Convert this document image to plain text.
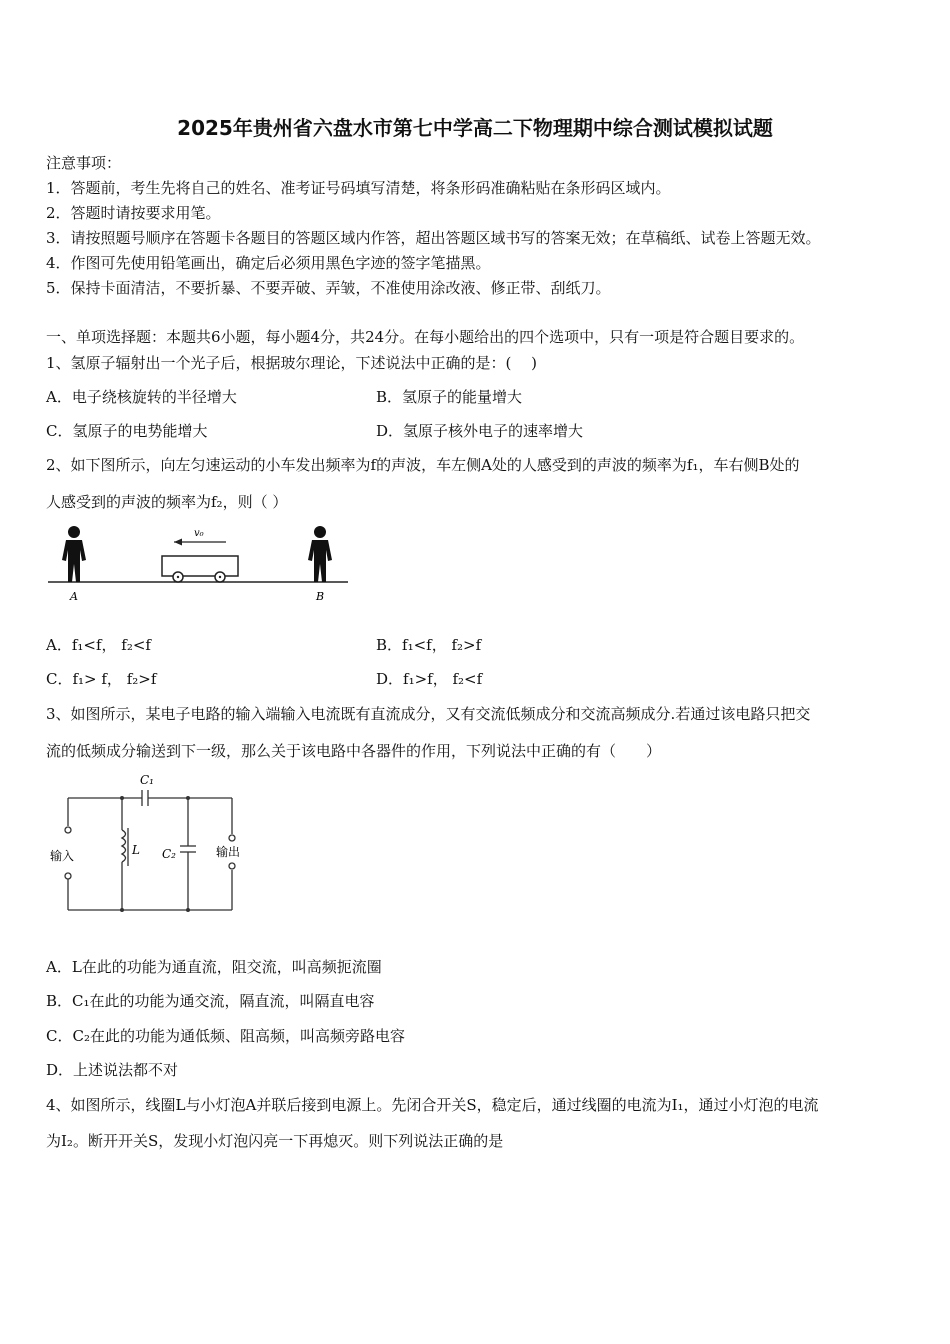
2025年贵州省六盘水市第七中学高二下物理期中综合测试模拟试题
注意事项：
1．答题前，考生先将自己的姓名、准考证号码填写清楚，将条形码准确粘贴在条形码区域内。
2．答题时请按要求用笔。
3．请按照题号顺序在答题卡各题目的答题区域内作答，超出答题区域书写的答案无效；在草稿纸、试卷上答题无效。
4．作图可先使用铅笔画出，确定后必须用黑色字迹的签字笔描黑。
5．保持卡面清洁，不要折暴、不要弄破、弄皱，不准使用涂改液、修正带、刮纸刀。
一、单项选择题：本题共6小题，每小题4分，共24分。在每小题给出的四个选项中，只有一项是符合题目要求的。
1、氢原子辐射出一个光子后，根据玻尔理论，下述说法中正确的是：(　 )
A．电子绕核旋转的半径增大	B．氢原子的能量增大
C．氢原子的电势能增大	D．氢原子核外电子的速率增大
2、如下图所示，向左匀速运动的小车发出频率为f的声波，车左侧A处的人感受到的声波的频率为f₁，车右侧B处的
人感受到的声波的频率为f₂，则（ ）
v₀
A	B
A．f₁<f， f₂<f	B．f₁<f， f₂>f
C．f₁> f， f₂>f	D．f₁>f， f₂<f
3、如图所示，某电子电路的输入端输入电流既有直流成分，又有交流低频成分和交流高频成分.若通过该电路只把交
流的低频成分输送到下一级，那么关于该电路中各器件的作用，下列说法中正确的有（　　）
C₁
L C₂
输入	输出
A．L在此的功能为通直流，阻交流，叫高频扼流圈
B．C₁在此的功能为通交流，隔直流，叫隔直电容
C．C₂在此的功能为通低频、阻高频，叫高频旁路电容
D．上述说法都不对
4、如图所示，线圈L与小灯泡A并联后接到电源上。先闭合开关S，稳定后，通过线圈的电流为I₁，通过小灯泡的电流
为I₂。断开开关S，发现小灯泡闪亮一下再熄灭。则下列说法正确的是
